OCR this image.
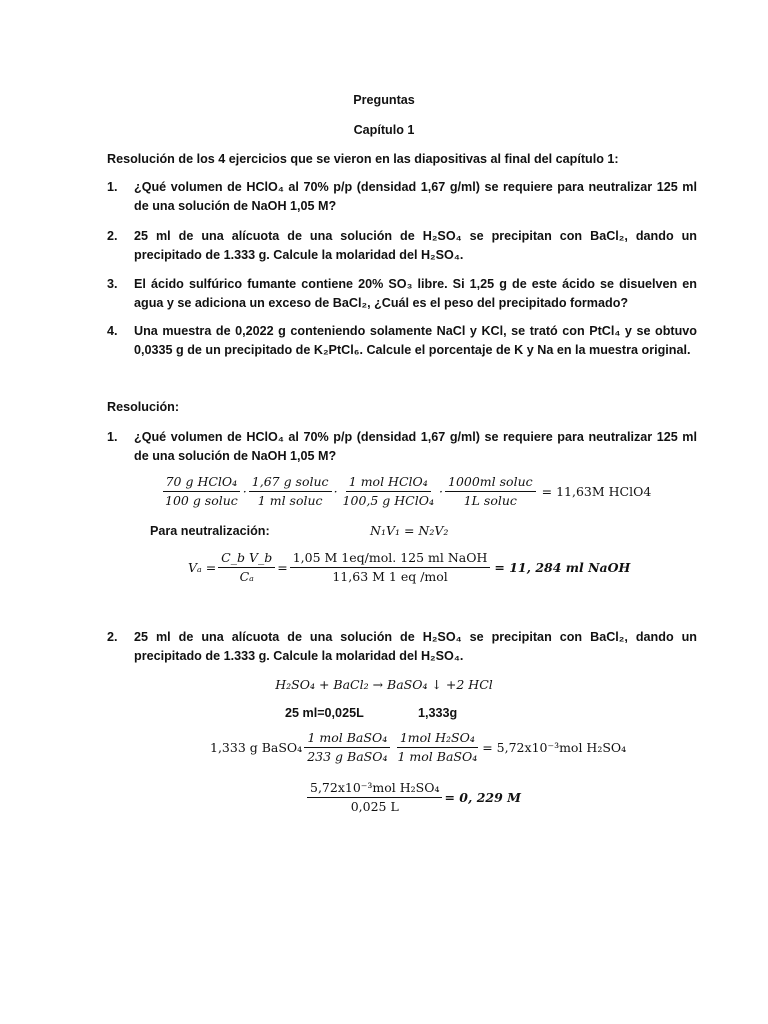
Preguntas
Capítulo 1
Resolución de los 4 ejercicios que se vieron en las diapositivas al final del capítulo 1:
1. ¿Qué volumen de HClO₄ al 70% p/p (densidad 1,67 g/ml) se requiere para neutralizar 125 ml de una solución de NaOH 1,05 M?
2. 25 ml de una alícuota de una solución de H₂SO₄ se precipitan con BaCl₂, dando un precipitado de 1.333 g. Calcule la molaridad del H₂SO₄.
3. El ácido sulfúrico fumante contiene 20% SO₃ libre. Si 1,25 g de este ácido se disuelven en agua y se adiciona un exceso de BaCl₂, ¿Cuál es el peso del precipitado formado?
4. Una muestra de 0,2022 g conteniendo solamente NaCl y KCl, se trató con PtCl₄ y se obtuvo 0,0335 g de un precipitado de K₂PtCl₆. Calcule el porcentaje de K y Na en la muestra original.
Resolución:
1. ¿Qué volumen de HClO₄ al 70% p/p (densidad 1,67 g/ml) se requiere para neutralizar 125 ml de una solución de NaOH 1,05 M?
$\frac{\text{70 g HClO₄}}{\text{100 g soluc}} \cdot \frac{\text{1,67 g soluc}}{\text{1 ml soluc}} \cdot \frac{\text{1 mol HClO₄}}{\text{100,5 g HClO₄}} \cdot \frac{\text{1000ml soluc}}{\text{1L soluc}} = 11,63M$ HClO4
Para neutralización:	N₁V₁ = N₂V₂
$V_a = \frac{\text{C\_b V\_b}}{\text{Cₐ}} = \frac{\text{1,05 M 1eq/mol. 125 ml NaOH}}{\text{11,63 M 1 eq /mol}} = 11$, 284 ml NaOH
2. 25 ml de una alícuota de una solución de H₂SO₄ se precipitan con BaCl₂, dando un precipitado de 1.333 g. Calcule la molaridad del H₂SO₄.
H₂SO₄ + BaCl₂ → BaSO₄ ↓ +2 HCl
25 ml=0,025L	1,333g
1,333 g BaSO₄ $\frac{\text{1 mol BaSO₄}}{\text{233 g BaSO₄}} \frac{\text{1mol H₂SO₄}}{\text{1 mol BaSO₄}} = 5,72x10^{-3}mol$ H₂SO₄
$\frac{\text{5,72x10⁻³mol H₂SO₄}}{0,025 L} = 0$, 229 M
